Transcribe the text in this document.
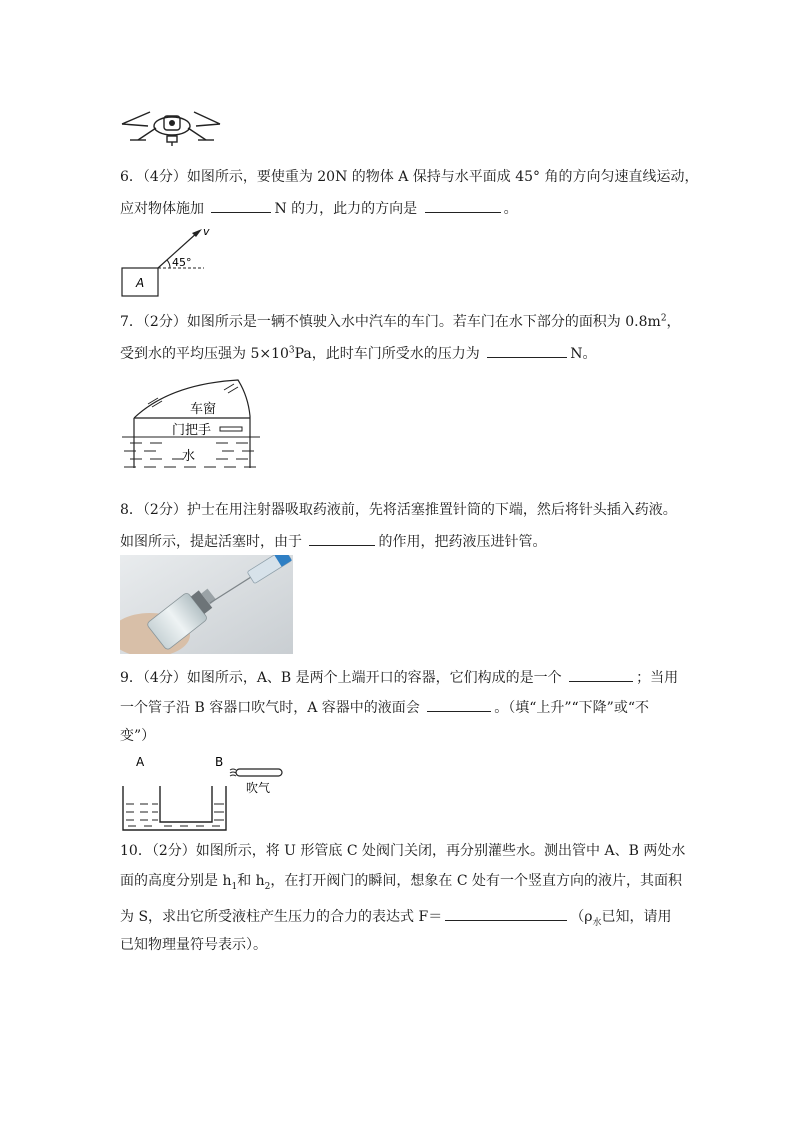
6．（4分）如图所示，要使重为 20N 的物体 A 保持与水平面成 45° 角的方向匀速直线运动，
应对物体施加	N 的力，此力的方向是	。
A
45°
v
7．（2分）如图所示是一辆不慎驶入水中汽车的车门。若车门在水下部分的面积为 $0.8m^2$，
受到水的平均压强为 $5\times 10^3Pa$，此时车门所受水的压力为	N。
车窗
门把手
水
8．（2分）护士在用注射器吸取药液前，先将活塞推置针筒的下端，然后将针头插入药液。
如图所示，提起活塞时，由于	的作用，把药液压进针管。
9．（4分）如图所示，A、B 是两个上端开口的容器，它们构成的是一个	；当用
一个管子沿 B 容器口吹气时，A 容器中的液面会	。（填“上升”“下降”或“不
变”）
A	B
吹气
10．（2分）如图所示，将 U 形管底 C 处阀门关闭，再分别灌些水。测出管中 A、B 两处水
面的高度分别是 $h_1$和 $h_2$，在打开阀门的瞬间，想象在 C 处有一个竖直方向的液片，其面积
为 S，求出它所受液柱产生压力的合力的表达式 F＝	（$\rho_水$已知，请用
已知物理量符号表示）。
